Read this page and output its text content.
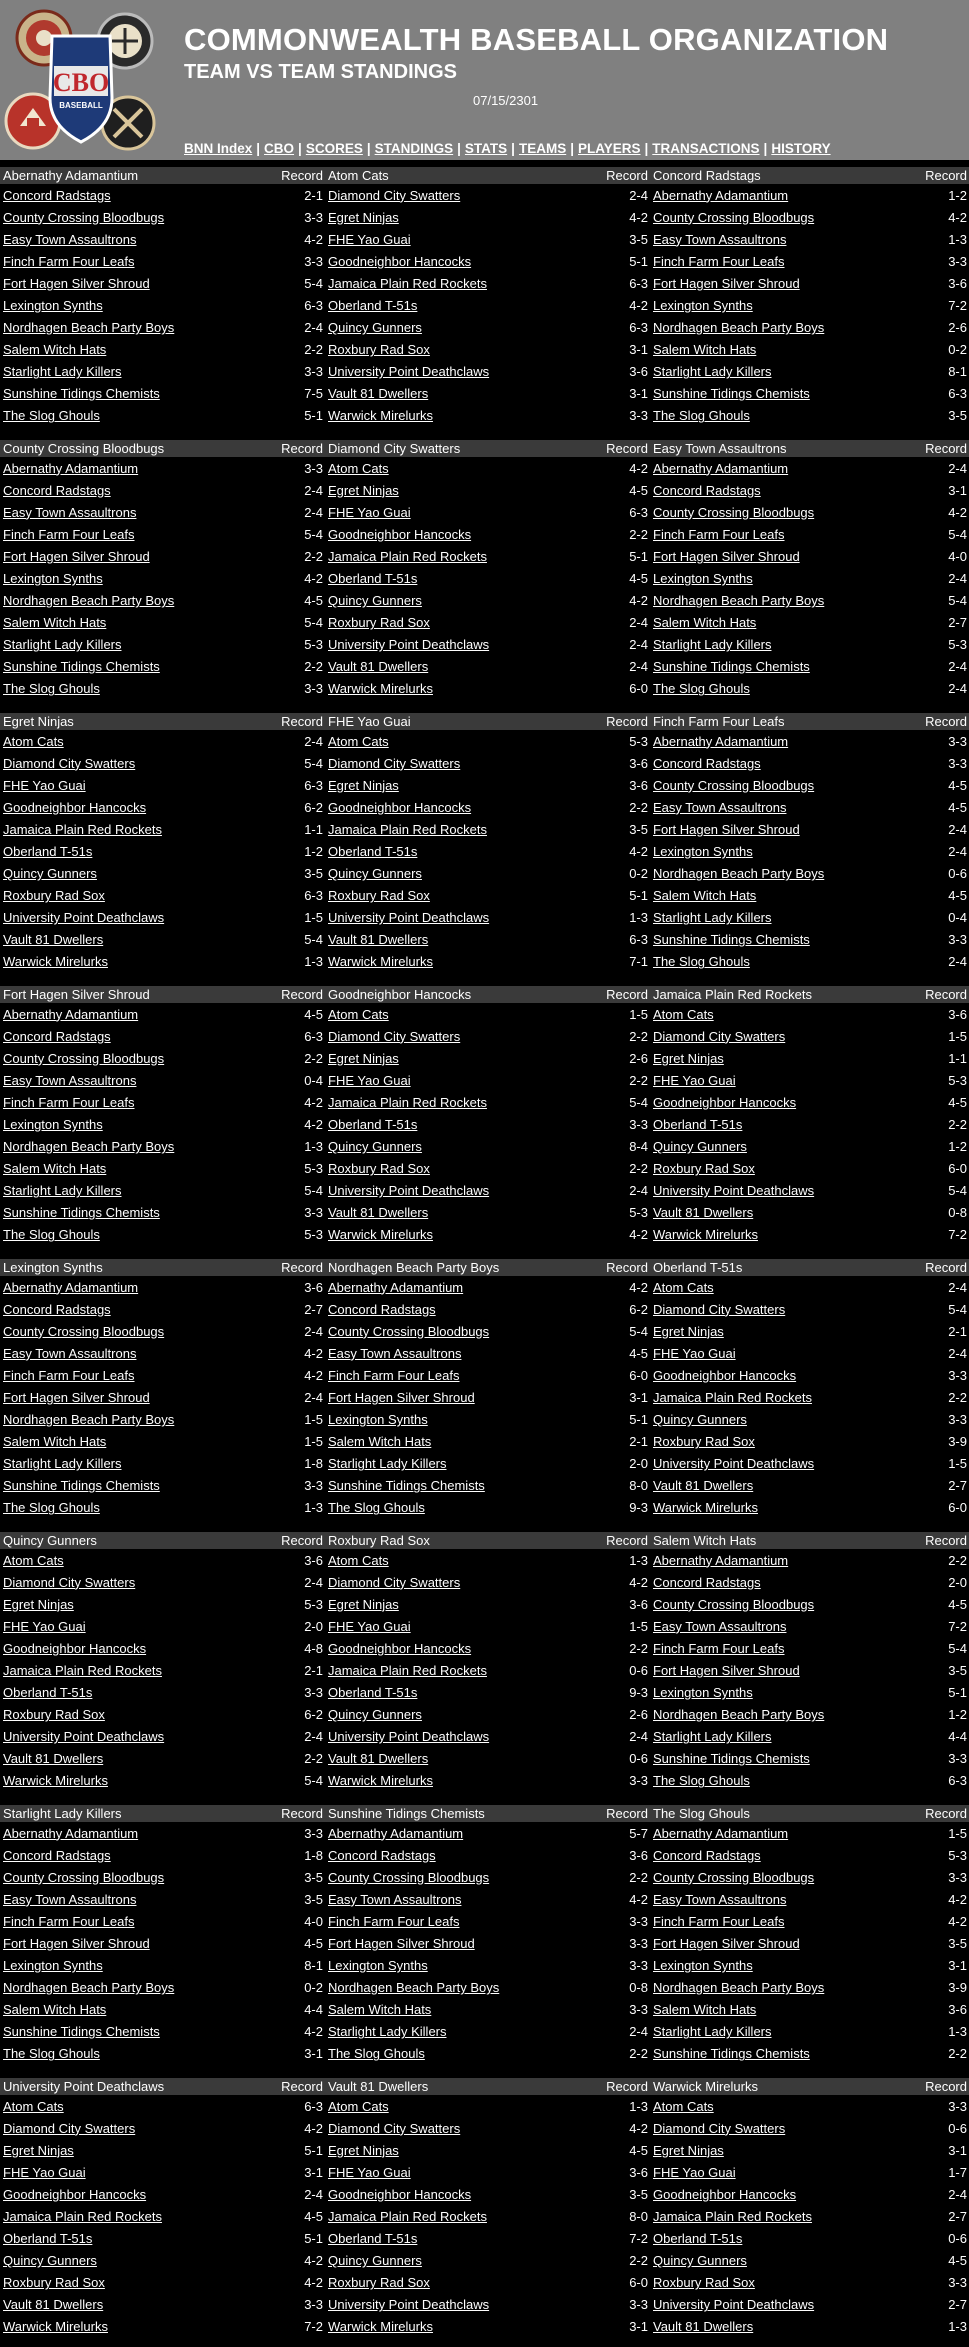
CBO
BASEBALL
COMMONWEALTH BASEBALL ORGANIZATION
TEAM VS TEAM STANDINGS
07/15/2301
BNN Index | CBO | SCORES | STANDINGS | STATS | TEAMS | PLAYERS | TRANSACTIONS | HISTORY
Abernathy Adamantium	Record
Concord Radstags	2-1
County Crossing Bloodbugs	3-3
Easy Town Assaultrons	4-2
Finch Farm Four Leafs	3-3
Fort Hagen Silver Shroud	5-4
Lexington Synths	6-3
Nordhagen Beach Party Boys	2-4
Salem Witch Hats	2-2
Starlight Lady Killers	3-3
Sunshine Tidings Chemists	7-5
The Slog Ghouls	5-1
Atom Cats	Record
Diamond City Swatters	2-4
Egret Ninjas	4-2
FHE Yao Guai	3-5
Goodneighbor Hancocks	5-1
Jamaica Plain Red Rockets	6-3
Oberland T-51s	4-2
Quincy Gunners	6-3
Roxbury Rad Sox	3-1
University Point Deathclaws	3-6
Vault 81 Dwellers	3-1
Warwick Mirelurks	3-3
Concord Radstags	Record
Abernathy Adamantium	1-2
County Crossing Bloodbugs	4-2
Easy Town Assaultrons	1-3
Finch Farm Four Leafs	3-3
Fort Hagen Silver Shroud	3-6
Lexington Synths	7-2
Nordhagen Beach Party Boys	2-6
Salem Witch Hats	0-2
Starlight Lady Killers	8-1
Sunshine Tidings Chemists	6-3
The Slog Ghouls	3-5
County Crossing Bloodbugs	Record
Abernathy Adamantium	3-3
Concord Radstags	2-4
Easy Town Assaultrons	2-4
Finch Farm Four Leafs	5-4
Fort Hagen Silver Shroud	2-2
Lexington Synths	4-2
Nordhagen Beach Party Boys	4-5
Salem Witch Hats	5-4
Starlight Lady Killers	5-3
Sunshine Tidings Chemists	2-2
The Slog Ghouls	3-3
Diamond City Swatters	Record
Atom Cats	4-2
Egret Ninjas	4-5
FHE Yao Guai	6-3
Goodneighbor Hancocks	2-2
Jamaica Plain Red Rockets	5-1
Oberland T-51s	4-5
Quincy Gunners	4-2
Roxbury Rad Sox	2-4
University Point Deathclaws	2-4
Vault 81 Dwellers	2-4
Warwick Mirelurks	6-0
Easy Town Assaultrons	Record
Abernathy Adamantium	2-4
Concord Radstags	3-1
County Crossing Bloodbugs	4-2
Finch Farm Four Leafs	5-4
Fort Hagen Silver Shroud	4-0
Lexington Synths	2-4
Nordhagen Beach Party Boys	5-4
Salem Witch Hats	2-7
Starlight Lady Killers	5-3
Sunshine Tidings Chemists	2-4
The Slog Ghouls	2-4
Egret Ninjas	Record
Atom Cats	2-4
Diamond City Swatters	5-4
FHE Yao Guai	6-3
Goodneighbor Hancocks	6-2
Jamaica Plain Red Rockets	1-1
Oberland T-51s	1-2
Quincy Gunners	3-5
Roxbury Rad Sox	6-3
University Point Deathclaws	1-5
Vault 81 Dwellers	5-4
Warwick Mirelurks	1-3
FHE Yao Guai	Record
Atom Cats	5-3
Diamond City Swatters	3-6
Egret Ninjas	3-6
Goodneighbor Hancocks	2-2
Jamaica Plain Red Rockets	3-5
Oberland T-51s	4-2
Quincy Gunners	0-2
Roxbury Rad Sox	5-1
University Point Deathclaws	1-3
Vault 81 Dwellers	6-3
Warwick Mirelurks	7-1
Finch Farm Four Leafs	Record
Abernathy Adamantium	3-3
Concord Radstags	3-3
County Crossing Bloodbugs	4-5
Easy Town Assaultrons	4-5
Fort Hagen Silver Shroud	2-4
Lexington Synths	2-4
Nordhagen Beach Party Boys	0-6
Salem Witch Hats	4-5
Starlight Lady Killers	0-4
Sunshine Tidings Chemists	3-3
The Slog Ghouls	2-4
Fort Hagen Silver Shroud	Record
Abernathy Adamantium	4-5
Concord Radstags	6-3
County Crossing Bloodbugs	2-2
Easy Town Assaultrons	0-4
Finch Farm Four Leafs	4-2
Lexington Synths	4-2
Nordhagen Beach Party Boys	1-3
Salem Witch Hats	5-3
Starlight Lady Killers	5-4
Sunshine Tidings Chemists	3-3
The Slog Ghouls	5-3
Goodneighbor Hancocks	Record
Atom Cats	1-5
Diamond City Swatters	2-2
Egret Ninjas	2-6
FHE Yao Guai	2-2
Jamaica Plain Red Rockets	5-4
Oberland T-51s	3-3
Quincy Gunners	8-4
Roxbury Rad Sox	2-2
University Point Deathclaws	2-4
Vault 81 Dwellers	5-3
Warwick Mirelurks	4-2
Jamaica Plain Red Rockets	Record
Atom Cats	3-6
Diamond City Swatters	1-5
Egret Ninjas	1-1
FHE Yao Guai	5-3
Goodneighbor Hancocks	4-5
Oberland T-51s	2-2
Quincy Gunners	1-2
Roxbury Rad Sox	6-0
University Point Deathclaws	5-4
Vault 81 Dwellers	0-8
Warwick Mirelurks	7-2
Lexington Synths	Record
Abernathy Adamantium	3-6
Concord Radstags	2-7
County Crossing Bloodbugs	2-4
Easy Town Assaultrons	4-2
Finch Farm Four Leafs	4-2
Fort Hagen Silver Shroud	2-4
Nordhagen Beach Party Boys	1-5
Salem Witch Hats	1-5
Starlight Lady Killers	1-8
Sunshine Tidings Chemists	3-3
The Slog Ghouls	1-3
Nordhagen Beach Party Boys	Record
Abernathy Adamantium	4-2
Concord Radstags	6-2
County Crossing Bloodbugs	5-4
Easy Town Assaultrons	4-5
Finch Farm Four Leafs	6-0
Fort Hagen Silver Shroud	3-1
Lexington Synths	5-1
Salem Witch Hats	2-1
Starlight Lady Killers	2-0
Sunshine Tidings Chemists	8-0
The Slog Ghouls	9-3
Oberland T-51s	Record
Atom Cats	2-4
Diamond City Swatters	5-4
Egret Ninjas	2-1
FHE Yao Guai	2-4
Goodneighbor Hancocks	3-3
Jamaica Plain Red Rockets	2-2
Quincy Gunners	3-3
Roxbury Rad Sox	3-9
University Point Deathclaws	1-5
Vault 81 Dwellers	2-7
Warwick Mirelurks	6-0
Quincy Gunners	Record
Atom Cats	3-6
Diamond City Swatters	2-4
Egret Ninjas	5-3
FHE Yao Guai	2-0
Goodneighbor Hancocks	4-8
Jamaica Plain Red Rockets	2-1
Oberland T-51s	3-3
Roxbury Rad Sox	6-2
University Point Deathclaws	2-4
Vault 81 Dwellers	2-2
Warwick Mirelurks	5-4
Roxbury Rad Sox	Record
Atom Cats	1-3
Diamond City Swatters	4-2
Egret Ninjas	3-6
FHE Yao Guai	1-5
Goodneighbor Hancocks	2-2
Jamaica Plain Red Rockets	0-6
Oberland T-51s	9-3
Quincy Gunners	2-6
University Point Deathclaws	2-4
Vault 81 Dwellers	0-6
Warwick Mirelurks	3-3
Salem Witch Hats	Record
Abernathy Adamantium	2-2
Concord Radstags	2-0
County Crossing Bloodbugs	4-5
Easy Town Assaultrons	7-2
Finch Farm Four Leafs	5-4
Fort Hagen Silver Shroud	3-5
Lexington Synths	5-1
Nordhagen Beach Party Boys	1-2
Starlight Lady Killers	4-4
Sunshine Tidings Chemists	3-3
The Slog Ghouls	6-3
Starlight Lady Killers	Record
Abernathy Adamantium	3-3
Concord Radstags	1-8
County Crossing Bloodbugs	3-5
Easy Town Assaultrons	3-5
Finch Farm Four Leafs	4-0
Fort Hagen Silver Shroud	4-5
Lexington Synths	8-1
Nordhagen Beach Party Boys	0-2
Salem Witch Hats	4-4
Sunshine Tidings Chemists	4-2
The Slog Ghouls	3-1
Sunshine Tidings Chemists	Record
Abernathy Adamantium	5-7
Concord Radstags	3-6
County Crossing Bloodbugs	2-2
Easy Town Assaultrons	4-2
Finch Farm Four Leafs	3-3
Fort Hagen Silver Shroud	3-3
Lexington Synths	3-3
Nordhagen Beach Party Boys	0-8
Salem Witch Hats	3-3
Starlight Lady Killers	2-4
The Slog Ghouls	2-2
The Slog Ghouls	Record
Abernathy Adamantium	1-5
Concord Radstags	5-3
County Crossing Bloodbugs	3-3
Easy Town Assaultrons	4-2
Finch Farm Four Leafs	4-2
Fort Hagen Silver Shroud	3-5
Lexington Synths	3-1
Nordhagen Beach Party Boys	3-9
Salem Witch Hats	3-6
Starlight Lady Killers	1-3
Sunshine Tidings Chemists	2-2
University Point Deathclaws	Record
Atom Cats	6-3
Diamond City Swatters	4-2
Egret Ninjas	5-1
FHE Yao Guai	3-1
Goodneighbor Hancocks	2-4
Jamaica Plain Red Rockets	4-5
Oberland T-51s	5-1
Quincy Gunners	4-2
Roxbury Rad Sox	4-2
Vault 81 Dwellers	3-3
Warwick Mirelurks	7-2
Vault 81 Dwellers	Record
Atom Cats	1-3
Diamond City Swatters	4-2
Egret Ninjas	4-5
FHE Yao Guai	3-6
Goodneighbor Hancocks	3-5
Jamaica Plain Red Rockets	8-0
Oberland T-51s	7-2
Quincy Gunners	2-2
Roxbury Rad Sox	6-0
University Point Deathclaws	3-3
Warwick Mirelurks	3-1
Warwick Mirelurks	Record
Atom Cats	3-3
Diamond City Swatters	0-6
Egret Ninjas	3-1
FHE Yao Guai	1-7
Goodneighbor Hancocks	2-4
Jamaica Plain Red Rockets	2-7
Oberland T-51s	0-6
Quincy Gunners	4-5
Roxbury Rad Sox	3-3
University Point Deathclaws	2-7
Vault 81 Dwellers	1-3
